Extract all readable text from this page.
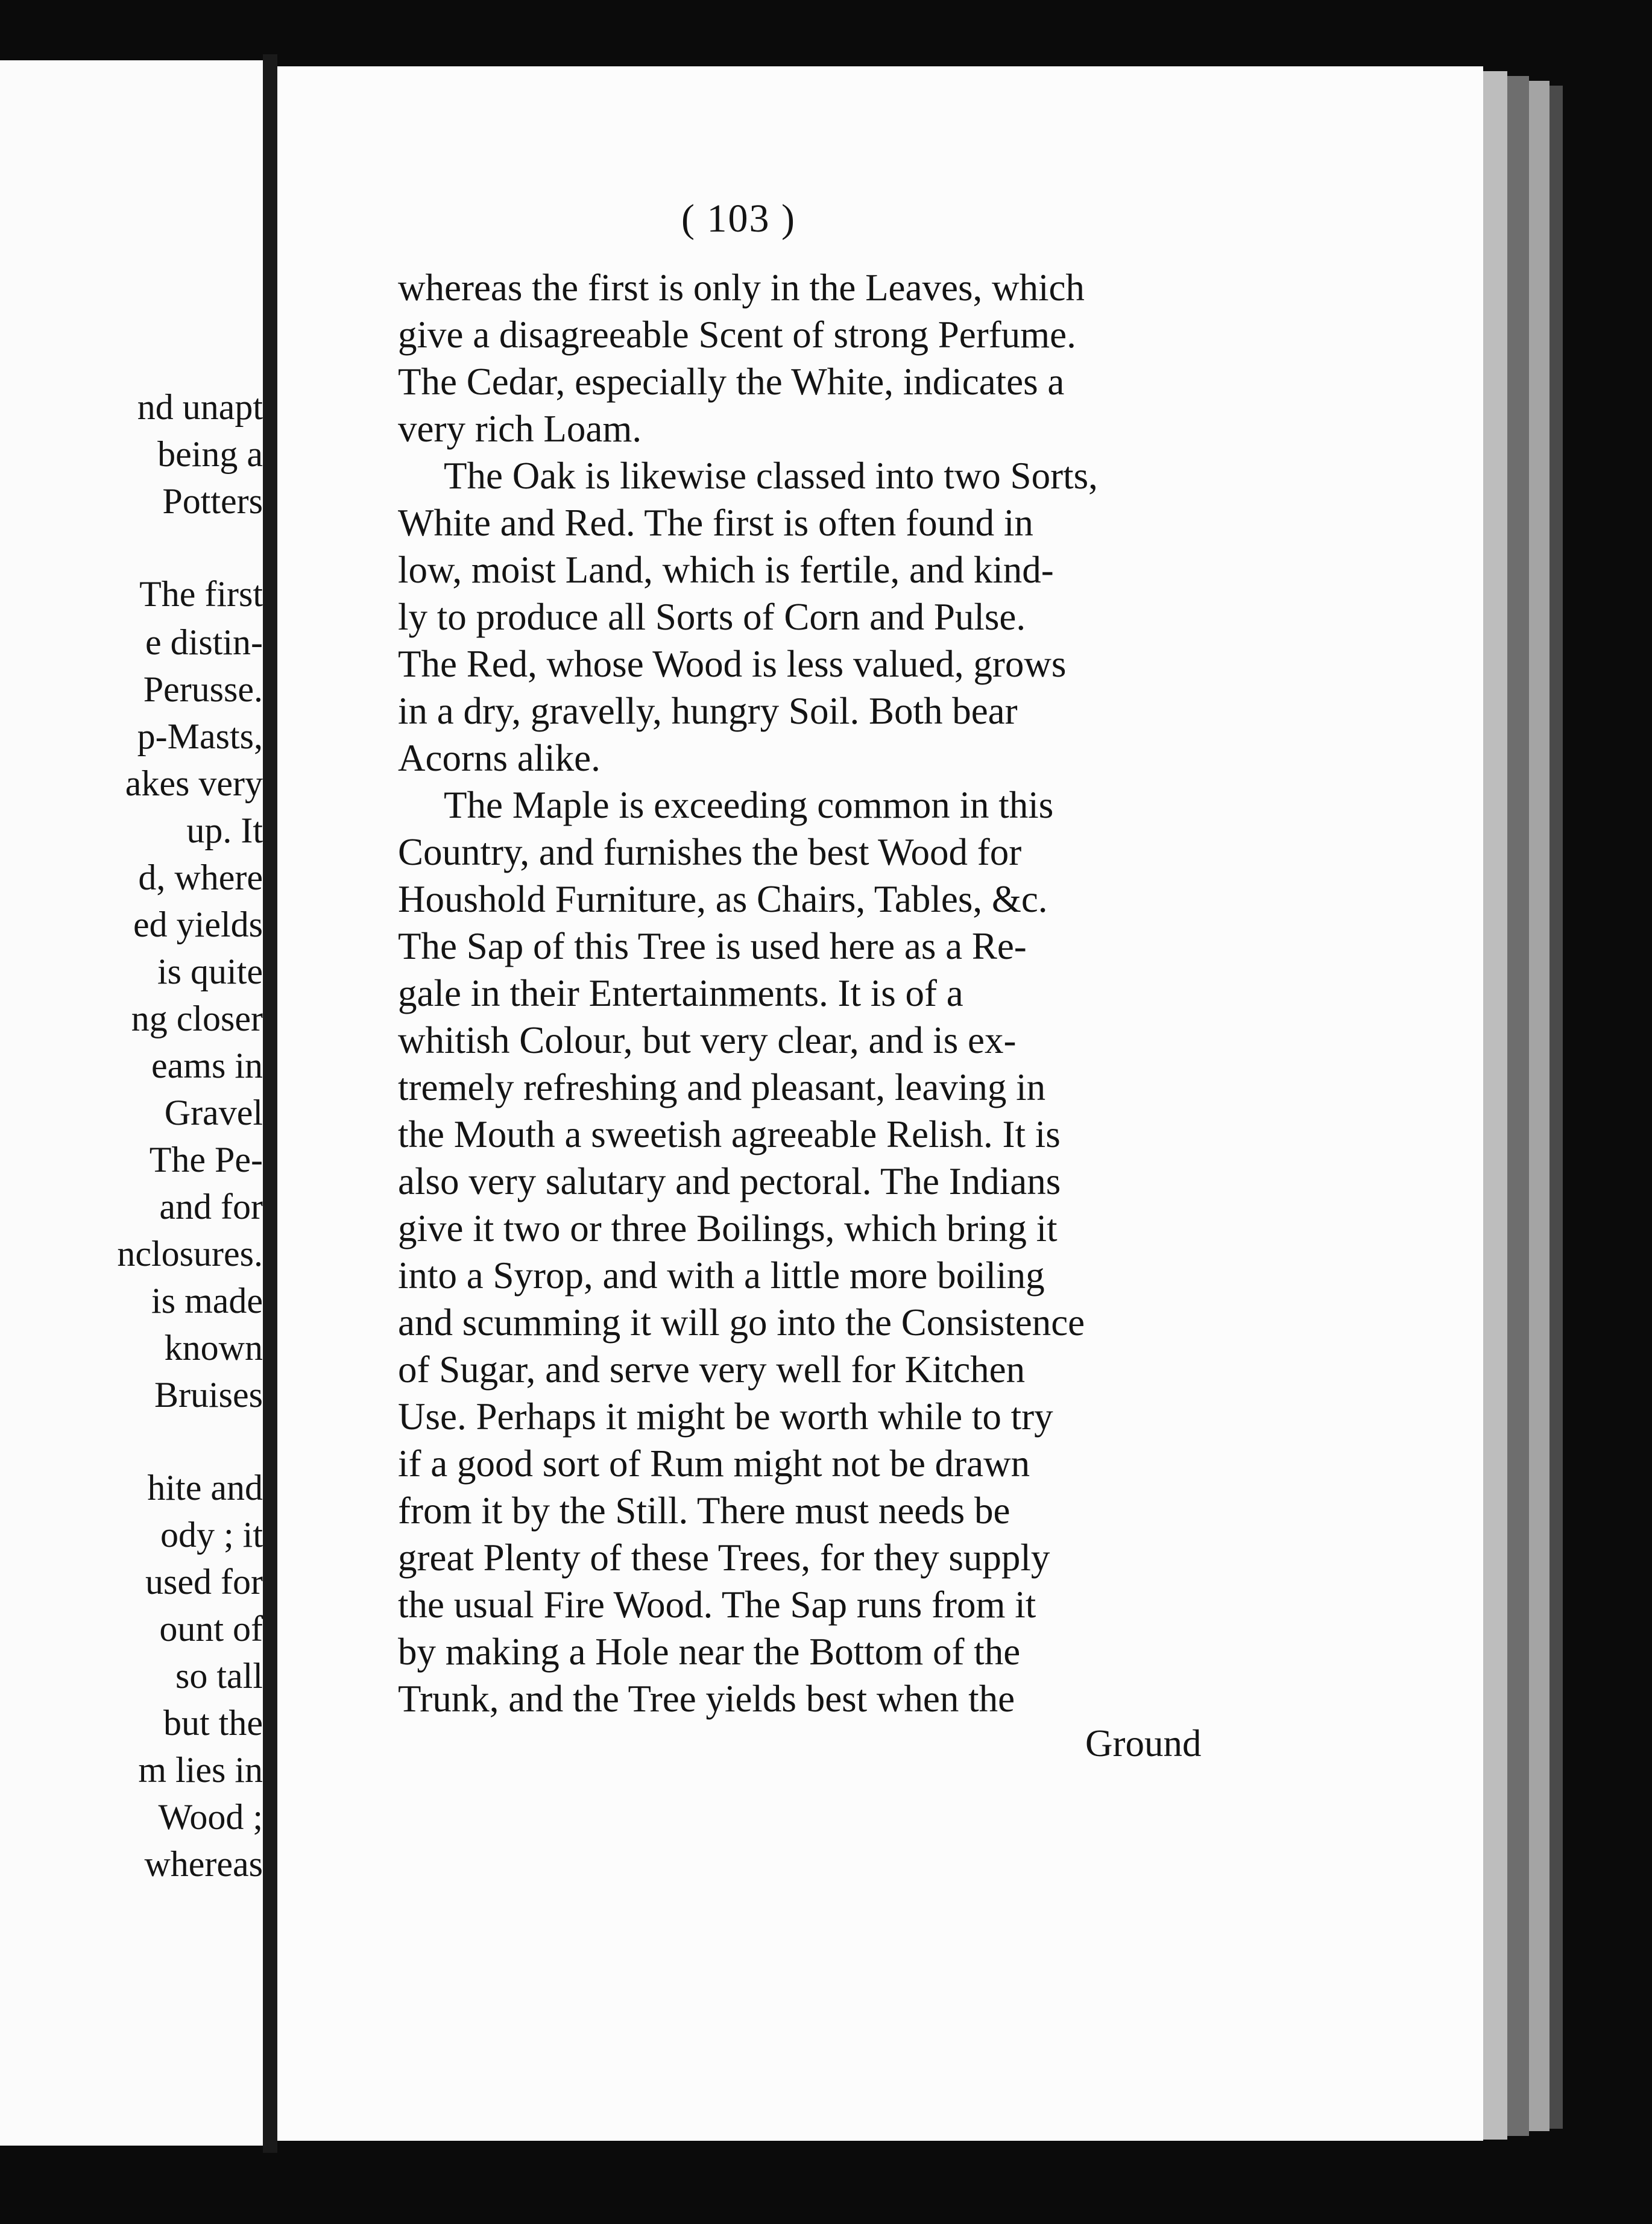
nd unapt
being a
Potters
The first
e distin-
Perusse.
p-Masts,
akes very
up. It
d, where
ed yields
is quite
ng closer
eams in
Gravel
The Pe-
and for
nclosures.
is made
known
Bruises
hite and
ody ; it
used for
ount of
so tall
but the
m lies in
Wood ;
whereas
( 103 )

whereas the first is only in the Leaves, which
give a disagreeable Scent of strong Perfume.
The Cedar, especially the White, indicates a
very rich Loam.

The Oak is likewise classed into two Sorts,
White and Red. The first is often found in
low, moist Land, which is fertile, and kind-
ly to produce all Sorts of Corn and Pulse.
The Red, whose Wood is less valued, grows
in a dry, gravelly, hungry Soil. Both bear
Acorns alike.

The Maple is exceeding common in this
Country, and furnishes the best Wood for
Houshold Furniture, as Chairs, Tables, &c.
The Sap of this Tree is used here as a Re-
gale in their Entertainments. It is of a
whitish Colour, but very clear, and is ex-
tremely refreshing and pleasant, leaving in
the Mouth a sweetish agreeable Relish. It is
also very salutary and pectoral. The Indians
give it two or three Boilings, which bring it
into a Syrop, and with a little more boiling
and scumming it will go into the Consistence
of Sugar, and serve very well for Kitchen
Use. Perhaps it might be worth while to try
if a good sort of Rum might not be drawn
from it by the Still. There must needs be
great Plenty of these Trees, for they supply
the usual Fire Wood. The Sap runs from it
by making a Hole near the Bottom of the
Trunk, and the Tree yields best when the

Ground
